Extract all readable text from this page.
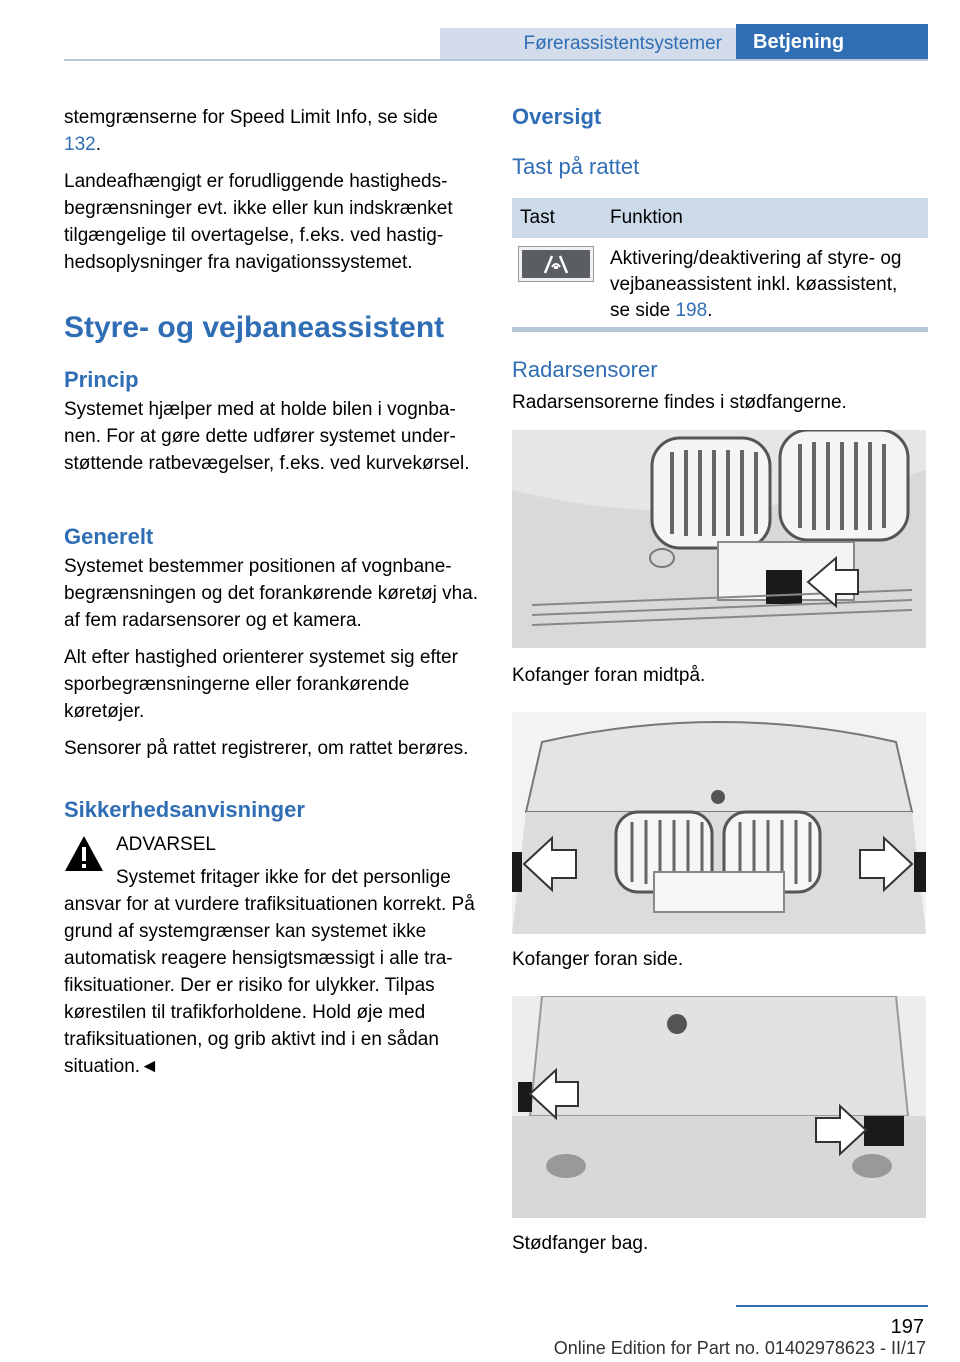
Førerassistentsystemer	Betjening

stemgrænserne for Speed Limit Info, se side 132.

Landeafhængigt er forudliggende hastighedsbegrænsninger evt. ikke eller kun indskrænket tilgængelige til overtagelse, f.eks. ved hastighedsoplysninger fra navigationssystemet.

Styre- og vejbaneassistent
Princip

Systemet hjælper med at holde bilen i vognbanen. For at gøre dette udfører systemet understøttende ratbevægelser, f.eks. ved kurvekørsel.

Generelt

Systemet bestemmer positionen af vognbanebegrænsningen og det forankørende køretøj vha. af fem radarsensorer og et kamera.

Alt efter hastighed orienterer systemet sig efter sporbegrænsningerne eller forankørende køretøjer.

Sensorer på rattet registrerer, om rattet berøres.

Sikkerhedsanvisninger
ADVARSEL
Systemet fritager ikke for det personlige ansvar for at vurdere trafiksituationen korrekt. På grund af systemgrænser kan systemet ikke automatisk reagere hensigtsmæssigt i alle trafiksituationer. Der er risiko for ulykker. Tilpas kørestilen til trafikforholdene. Hold øje med trafiksituationen, og grib aktivt ind i en sådan situation.◄
Oversigt
Tast på rattet
Tast	Funktion

	Aktivering/deaktivering af styre- og vejbaneassistent inkl. køassistent, se side 198.
Radarsensorer
Radarsensorerne findes i stødfangerne.
Kofanger foran midtpå.
Kofanger foran side.
Stødfanger bag.
197
Online Edition for Part no. 01402978623 - II/17
